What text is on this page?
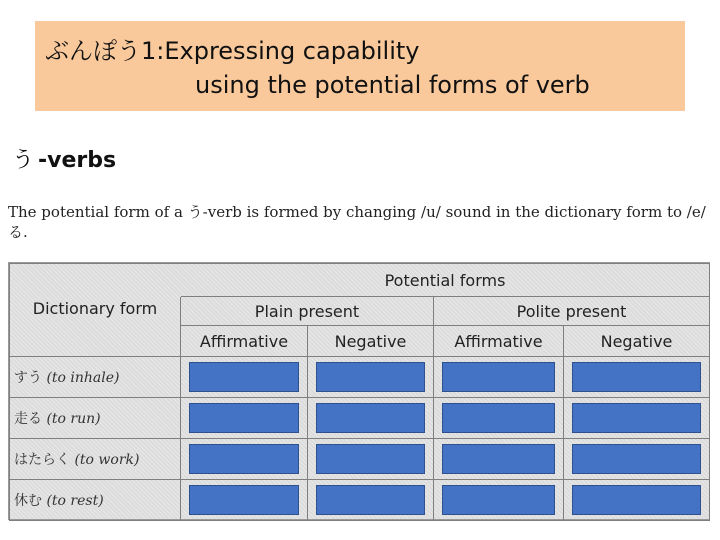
ぶんぽう1:Expressing capability
using the potential forms of verb
う -verbs
The potential form of a う-verb is formed by changing /u/ sound in the dictionary form to /e/ る.
	Potential forms			
Dictionary form	Plain present		Polite present	
	Affirmative	Negative	Affirmative	Negative
すう (to inhale)	

走る (to run)	

はたらく (to work)	

休む (to rest)	
